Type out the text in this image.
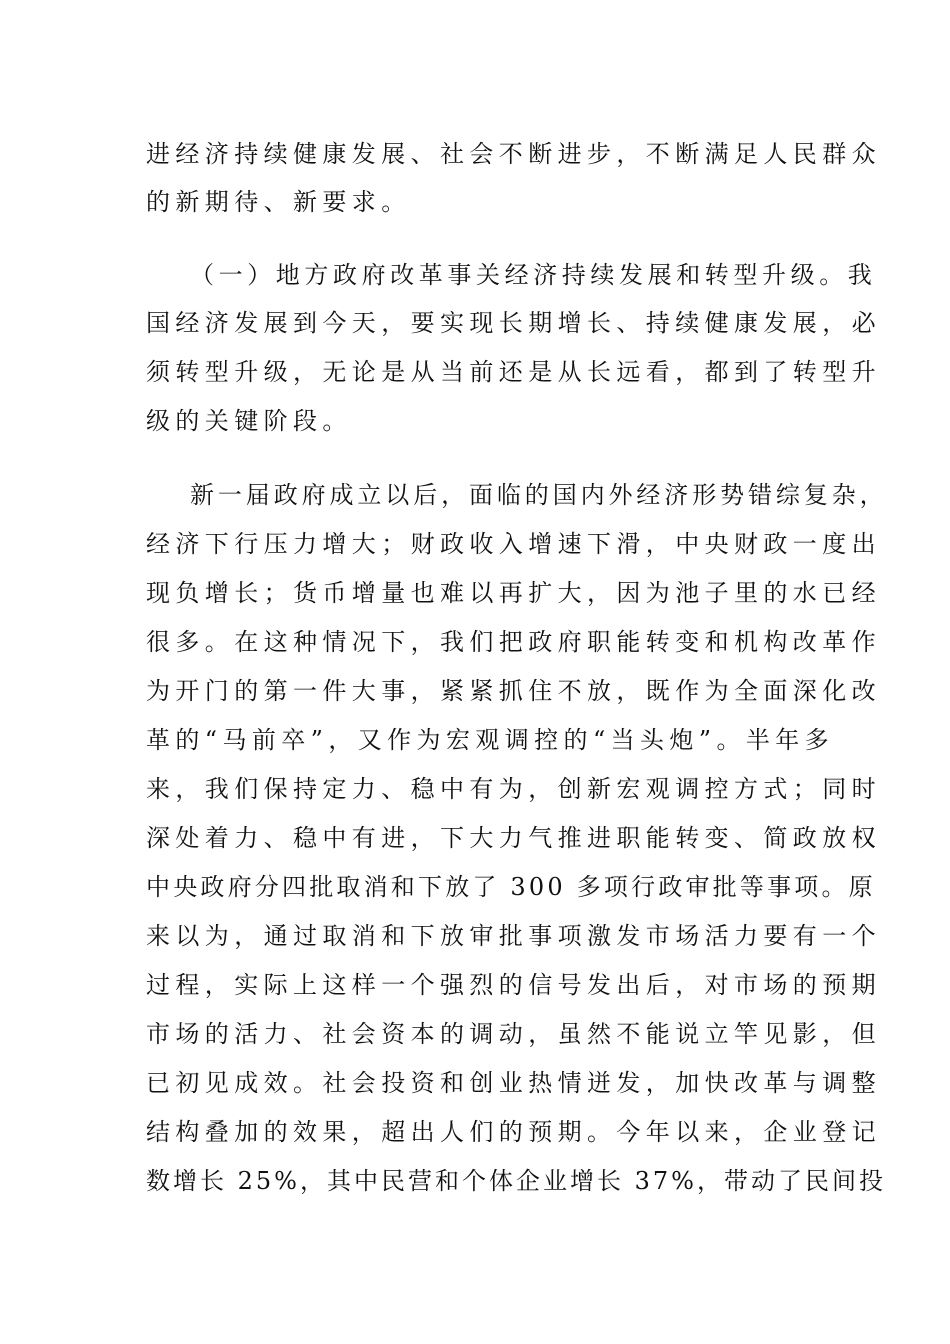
进经济持续健康发展、社会不断进步，不断满足人民群众
的新期待、新要求。
（一）地方政府改革事关经济持续发展和转型升级。我
国经济发展到今天，要实现长期增长、持续健康发展，必
须转型升级，无论是从当前还是从长远看，都到了转型升
级的关键阶段。
新一届政府成立以后，面临的国内外经济形势错综复杂，
经济下行压力增大；财政收入增速下滑，中央财政一度出
现负增长；货币增量也难以再扩大，因为池子里的水已经
很多。在这种情况下，我们把政府职能转变和机构改革作
为开门的第一件大事，紧紧抓住不放，既作为全面深化改
革的“马前卒”，又作为宏观调控的“当头炮”。半年多
来，我们保持定力、稳中有为，创新宏观调控方式；同时
深处着力、稳中有进，下大力气推进职能转变、简政放权
中央政府分四批取消和下放了 300 多项行政审批等事项。原
来以为，通过取消和下放审批事项激发市场活力要有一个
过程，实际上这样一个强烈的信号发出后，对市场的预期
市场的活力、社会资本的调动，虽然不能说立竿见影，但
已初见成效。社会投资和创业热情迸发，加快改革与调整
结构叠加的效果，超出人们的预期。今年以来，企业登记
数增长 25%，其中民营和个体企业增长 37%，带动了民间投
